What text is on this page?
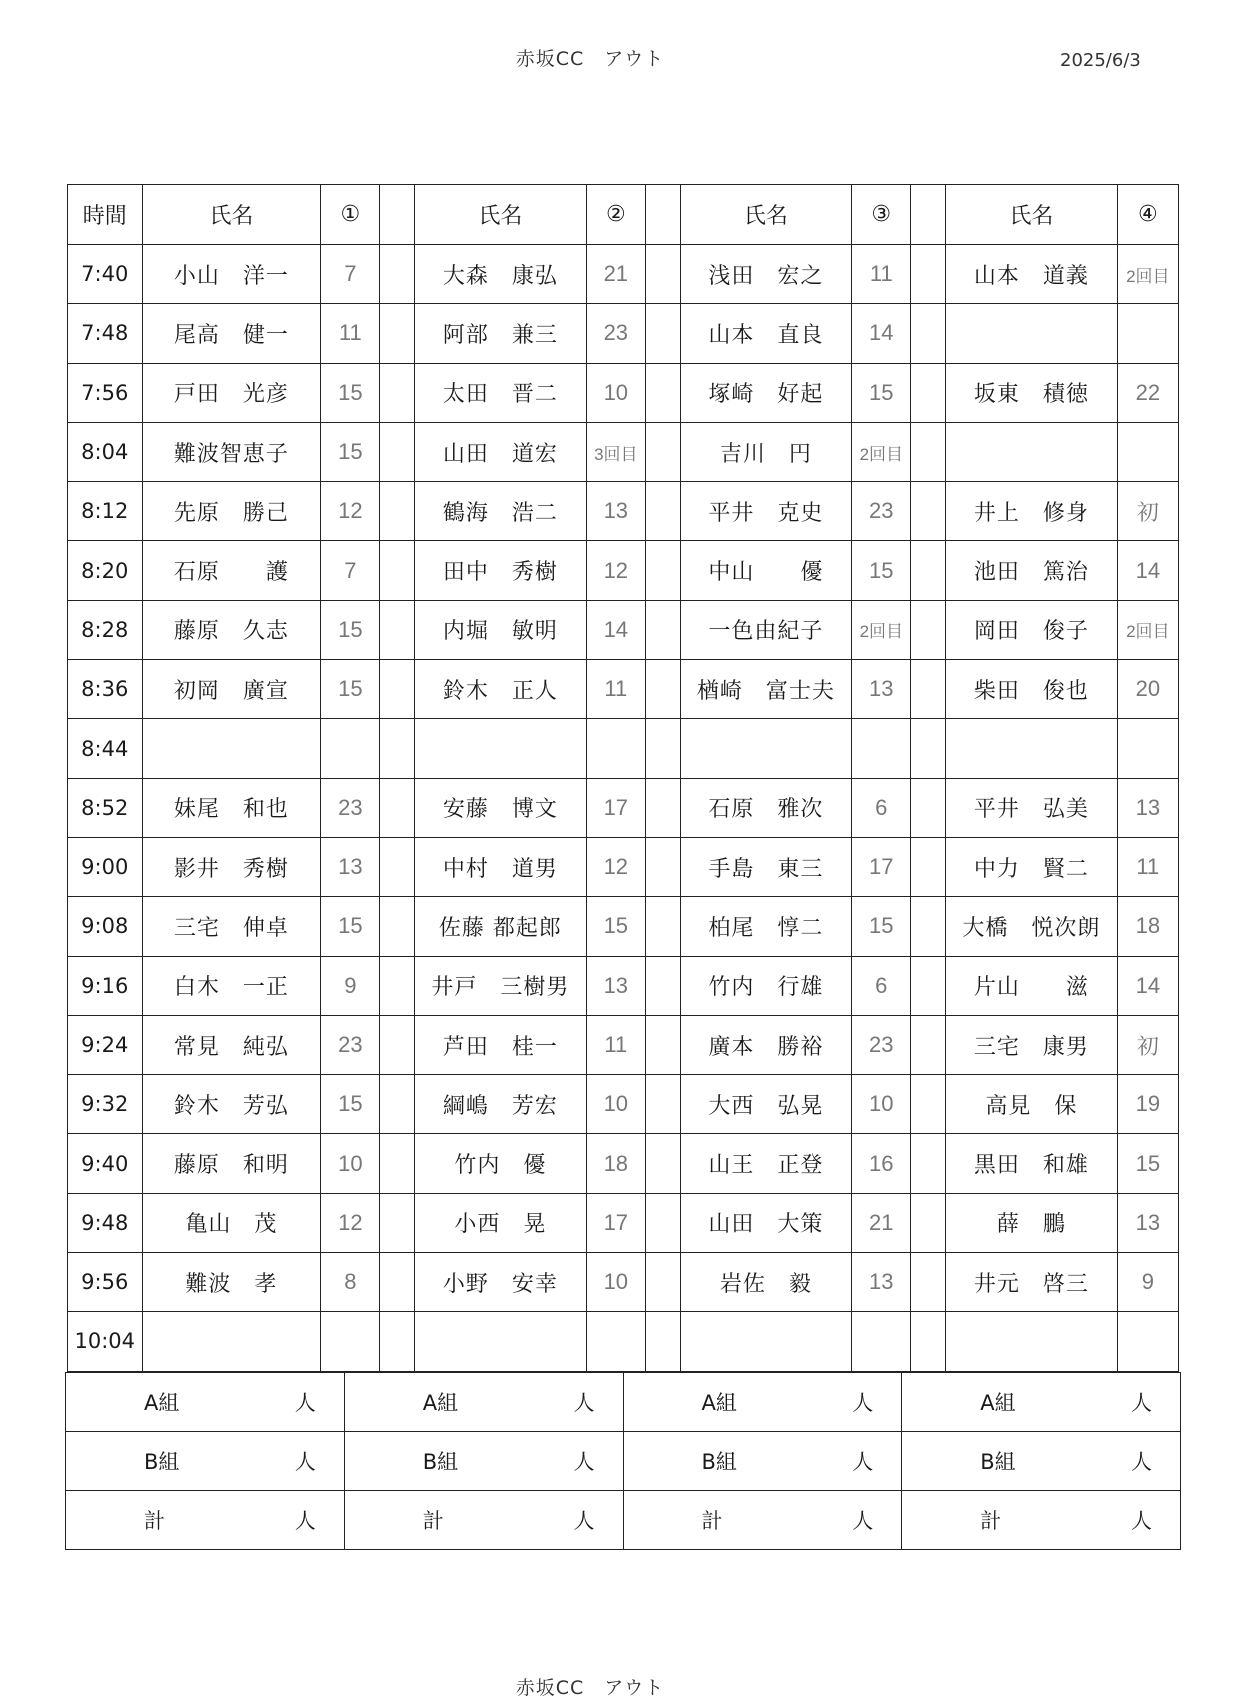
赤坂CC　アウト	2025/6/3
時間	氏名	①		氏名	②		氏名	③		氏名	④
7:40	小山　洋一	7		大森　康弘	21		浅田　宏之	11		山本　道義	2回目
7:48	尾高　健一	11		阿部　兼三	23		山本　直良	14			
7:56	戸田　光彦	15		太田　晋二	10		塚崎　好起	15		坂東　積徳	22
8:04	難波智恵子	15		山田　道宏	3回目		吉川　円	2回目			
8:12	先原　勝己	12		鶴海　浩二	13		平井　克史	23		井上　修身	初
8:20	石原　　護	7		田中　秀樹	12		中山　　優	15		池田　篤治	14
8:28	藤原　久志	15		内堀　敏明	14		一色由紀子	2回目		岡田　俊子	2回目
8:36	初岡　廣宣	15		鈴木　正人	11		楢崎　富士夫	13		柴田　俊也	20
8:44											
8:52	妹尾　和也	23		安藤　博文	17		石原　雅次	6		平井　弘美	13
9:00	影井　秀樹	13		中村　道男	12		手島　東三	17		中力　賢二	11
9:08	三宅　伸卓	15		佐藤 都起郎	15		柏尾　惇二	15		大橋　悦次朗	18
9:16	白木　一正	9		井戸　三樹男	13		竹内　行雄	6		片山　　滋	14
9:24	常見　純弘	23		芦田　桂一	11		廣本　勝裕	23		三宅　康男	初
9:32	鈴木　芳弘	15		綱嶋　芳宏	10		大西　弘晃	10		高見　保	19
9:40	藤原　和明	10		竹内　優	18		山王　正登	16		黒田　和雄	15
9:48	亀山　茂	12		小西　晃	17		山田　大策	21		薛　鵬	13
9:56	難波　孝	8		小野　安幸	10		岩佐　毅	13		井元　啓三	9
10:04											
A組 人	A組 人	A組 人	A組 人

B組 人	B組 人	B組 人	B組 人

計 人	計 人	計 人	計 人
赤坂CC　アウト
